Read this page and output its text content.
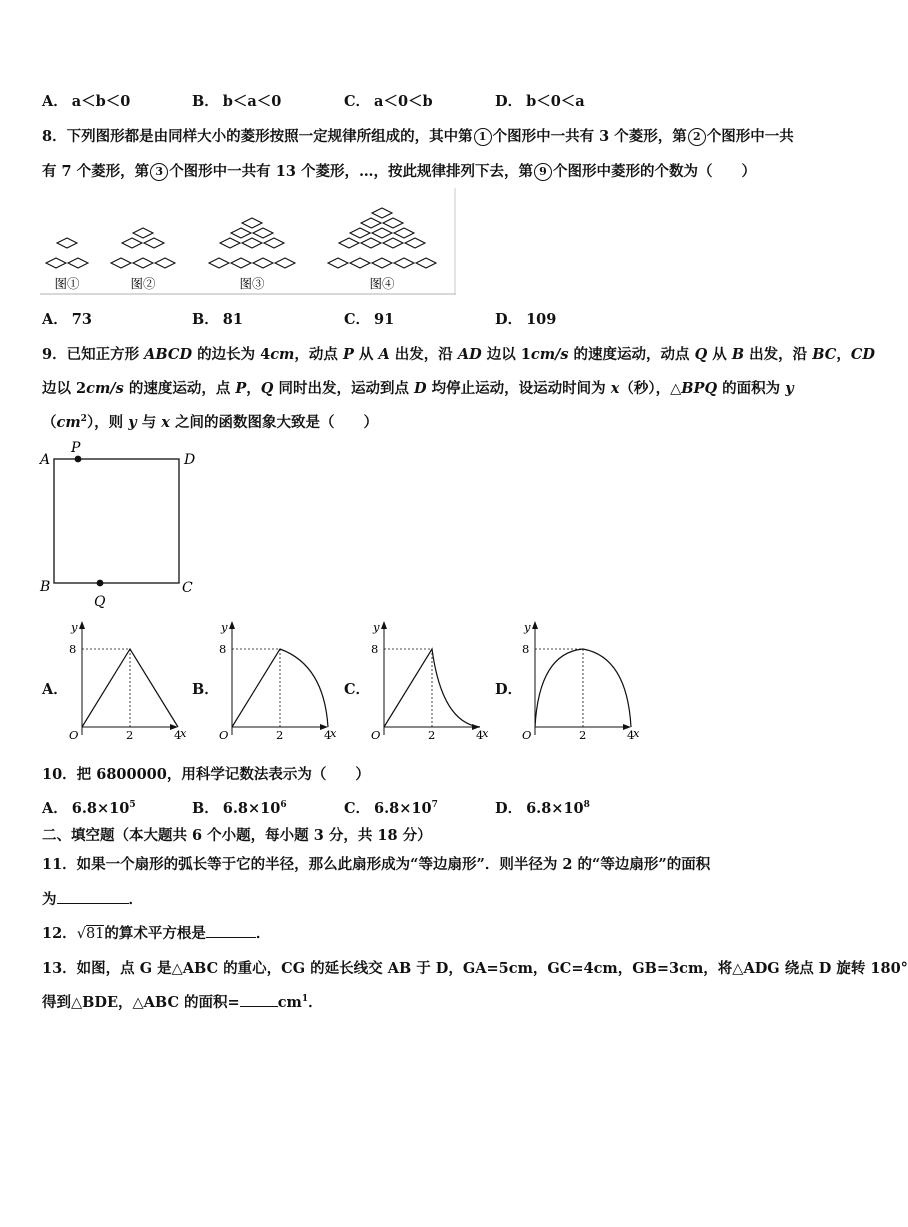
A． a＜b＜0	B． b＜a＜0	C． a＜0＜b	D． b＜0＜a
8．下列图形都是由同样大小的菱形按照一定规律所组成的，其中第 1 个图形中一共有 3 个菱形，第 2 个图形中一共
有 7 个菱形，第 3 个图形中一共有 13 个菱形，…，按此规律排列下去，第 9 个图形中菱形的个数为（　　）
图①	图②	图③	图④
A． 73	B． 81	C． 91	D． 109
9．已知正方形 ABCD 的边长为 4cm，动点 P 从 A 出发，沿 AD 边以 1cm/s 的速度运动，动点 Q 从 B 出发，沿 BC，CD
边以 2cm/s 的速度运动，点 P，Q 同时出发，运动到点 D 均停止运动，设运动时间为 x（秒），△BPQ 的面积为 y
$(cm^2)$，则 y 与 x 之间的函数图象大致是（　　）
A
P
D
B	C
Q
A．	B．	C．	D．
y
x
O
8
2	4
y
x
O
8
2	4
y
x
O
8
2	4
y
x
O
8
2	4
10．把 6800000，用科学记数法表示为（　　）
A． $6.8\times 10^5$	B． $6.8\times 10^6$	C． $6.8\times 10^7$	D． $6.8\times 10^8$
二、填空题（本大题共 6 个小题，每小题 3 分，共 18 分）
11．如果一个扇形的弧长等于它的半径，那么此扇形成为“等边扇形”．则半径为 2 的“等边扇形”的面积
为	．
12．√81的算术平方根是	．
13．如图，点 G 是△ABC 的重心，CG 的延长线交 AB 于 D，GA=5cm，GC=4cm，GB=3cm，将△ADG 绕点 D 旋转 180°
得到△BDE，△ABC 的面积=	$cm^1$．
